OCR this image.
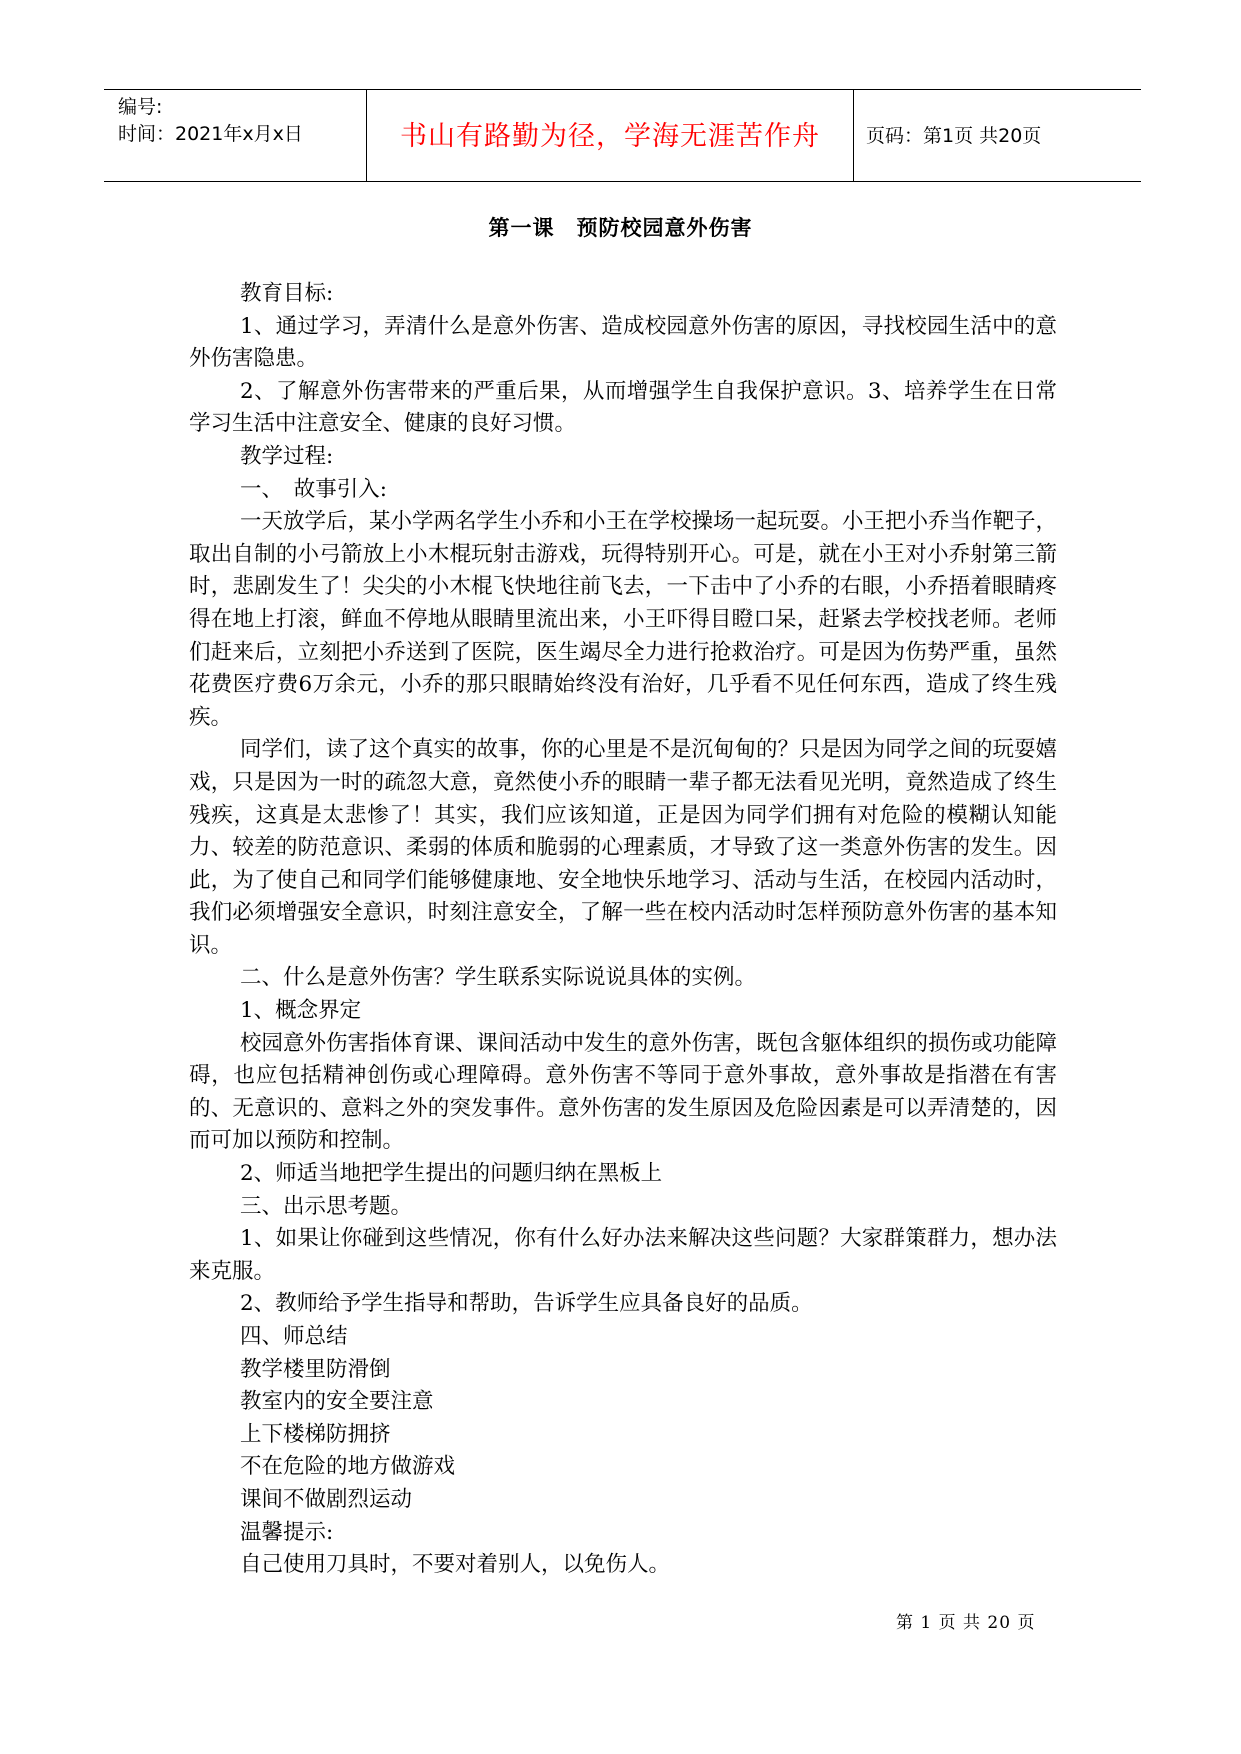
编号:
时间：2021年x月x日	书山有路勤为径，学海无涯苦作舟	页码：第1页 共20页
第一课　预防校园意外伤害

教育目标:

1、通过学习，弄清什么是意外伤害、造成校园意外伤害的原因，寻找校园生活中的意外伤害隐患。

2、了解意外伤害带来的严重后果，从而增强学生自我保护意识。3、培养学生在日常学习生活中注意安全、健康的良好习惯。

教学过程:

一、　故事引入:

一天放学后，某小学两名学生小乔和小王在学校操场一起玩耍。小王把小乔当作靶子，取出自制的小弓箭放上小木棍玩射击游戏，玩得特别开心。可是，就在小王对小乔射第三箭时，悲剧发生了！尖尖的小木棍飞快地往前飞去，一下击中了小乔的右眼，小乔捂着眼睛疼得在地上打滚，鲜血不停地从眼睛里流出来，小王吓得目瞪口呆，赶紧去学校找老师。老师们赶来后，立刻把小乔送到了医院，医生竭尽全力进行抢救治疗。可是因为伤势严重，虽然花费医疗费6万余元，小乔的那只眼睛始终没有治好，几乎看不见任何东西，造成了终生残疾。

同学们，读了这个真实的故事，你的心里是不是沉甸甸的？只是因为同学之间的玩耍嬉戏，只是因为一时的疏忽大意，竟然使小乔的眼睛一辈子都无法看见光明，竟然造成了终生残疾，这真是太悲惨了！其实，我们应该知道，正是因为同学们拥有对危险的模糊认知能力、较差的防范意识、柔弱的体质和脆弱的心理素质，才导致了这一类意外伤害的发生。因此，为了使自己和同学们能够健康地、安全地快乐地学习、活动与生活，在校园内活动时，我们必须增强安全意识，时刻注意安全，了解一些在校内活动时怎样预防意外伤害的基本知识。

二、什么是意外伤害？学生联系实际说说具体的实例。

1、概念界定

校园意外伤害指体育课、课间活动中发生的意外伤害，既包含躯体组织的损伤或功能障碍，也应包括精神创伤或心理障碍。意外伤害不等同于意外事故，意外事故是指潜在有害的、无意识的、意料之外的突发事件。意外伤害的发生原因及危险因素是可以弄清楚的，因而可加以预防和控制。

2、师适当地把学生提出的问题归纳在黑板上

三、出示思考题。

1、如果让你碰到这些情况，你有什么好办法来解决这些问题？大家群策群力，想办法来克服。

2、教师给予学生指导和帮助，告诉学生应具备良好的品质。

四、师总结

教学楼里防滑倒

教室内的安全要注意

上下楼梯防拥挤

不在危险的地方做游戏

课间不做剧烈运动

温馨提示:

自己使用刀具时，不要对着别人，以免伤人。

第 1 页 共 20 页
